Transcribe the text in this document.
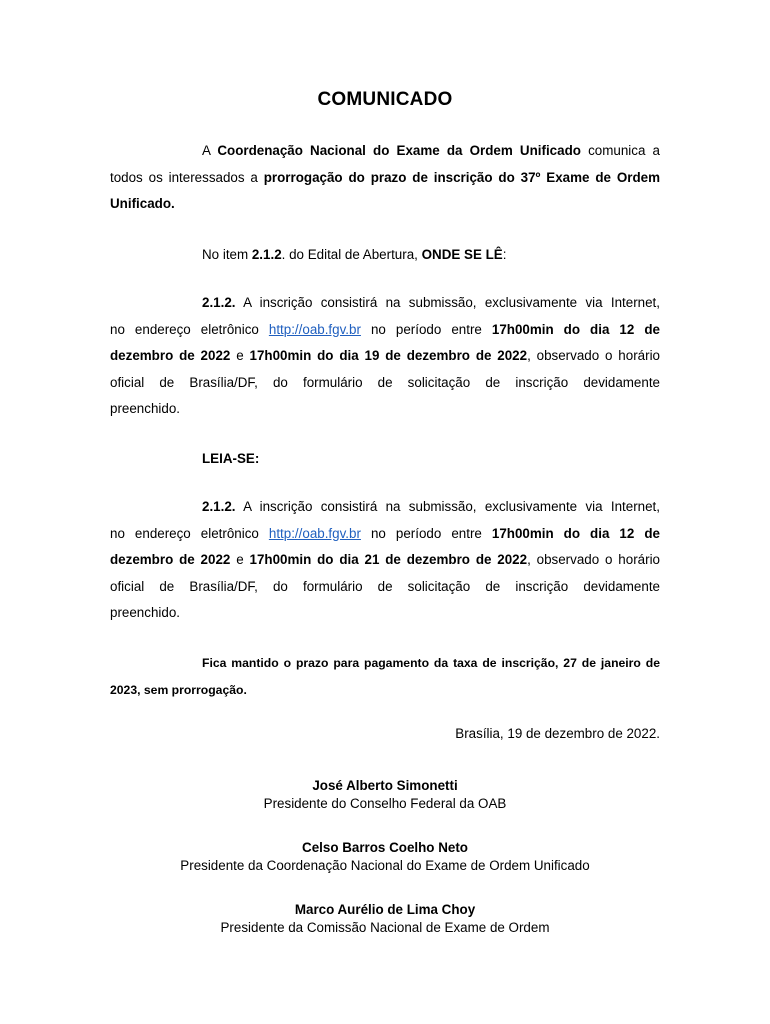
COMUNICADO
A Coordenação Nacional do Exame da Ordem Unificado comunica a
todos os interessados a prorrogação do prazo de inscrição do 37º Exame de Ordem
Unificado.
No item 2.1.2. do Edital de Abertura, ONDE SE LÊ:
2.1.2. A inscrição consistirá na submissão, exclusivamente via Internet,
no endereço eletrônico http://oab.fgv.br no período entre 17h00min do dia 12 de
dezembro de 2022 e 17h00min do dia 19 de dezembro de 2022, observado o horário
oficial de Brasília/DF, do formulário de solicitação de inscrição devidamente
preenchido.
LEIA-SE:
2.1.2. A inscrição consistirá na submissão, exclusivamente via Internet,
no endereço eletrônico http://oab.fgv.br no período entre 17h00min do dia 12 de
dezembro de 2022 e 17h00min do dia 21 de dezembro de 2022, observado o horário
oficial de Brasília/DF, do formulário de solicitação de inscrição devidamente
preenchido.
Fica mantido o prazo para pagamento da taxa de inscrição, 27 de janeiro de
2023, sem prorrogação.
Brasília, 19 de dezembro de 2022.
José Alberto Simonetti
Presidente do Conselho Federal da OAB
Celso Barros Coelho Neto
Presidente da Coordenação Nacional do Exame de Ordem Unificado
Marco Aurélio de Lima Choy
Presidente da Comissão Nacional de Exame de Ordem
